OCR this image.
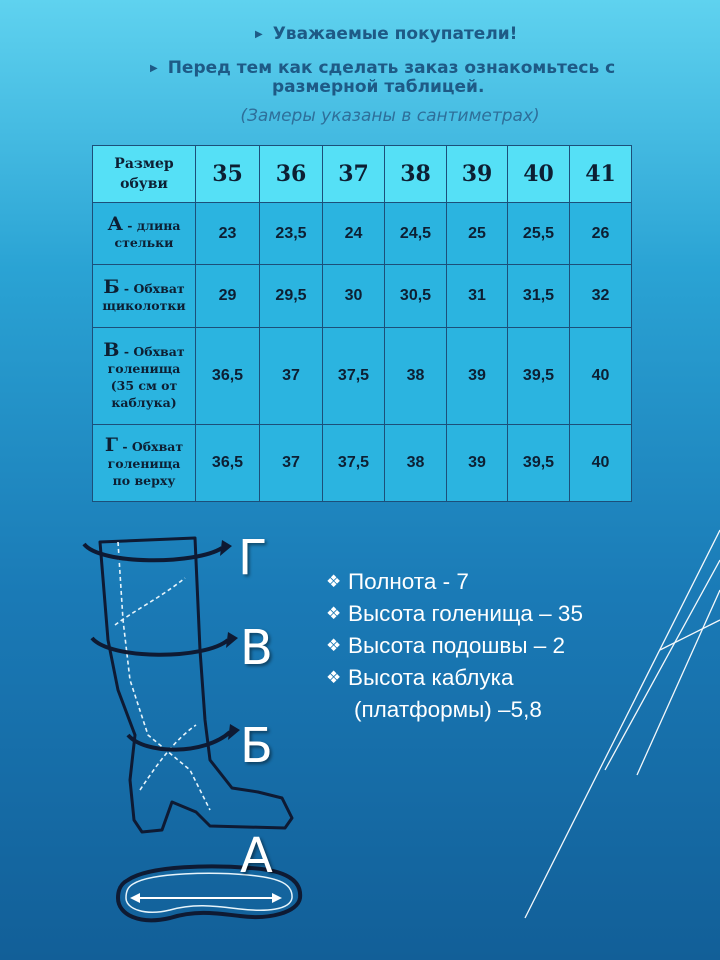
▶ Уважаемые покупатели!
▶ Перед тем как сделать заказ ознакомьтесь с
размерной таблицей.
(Замеры указаны в сантиметрах)
Размер
обуви	35	36	37	38	39	40	41
А - длина
стельки	23	23,5	24	24,5	25	25,5	26
Б - Обхват
щиколотки	29	29,5	30	30,5	31	31,5	32
В - Обхват
голенища
(35 см от
каблука)	36,5	37	37,5	38	39	39,5	40
Г - Обхват
голенища
по верху	36,5	37	37,5	38	39	39,5	40
Г
В
Б
А
❖ Полнота - 7
❖ Высота голенища – 35
❖ Высота подошвы – 2
❖ Высота каблука
(платформы) –5,8
